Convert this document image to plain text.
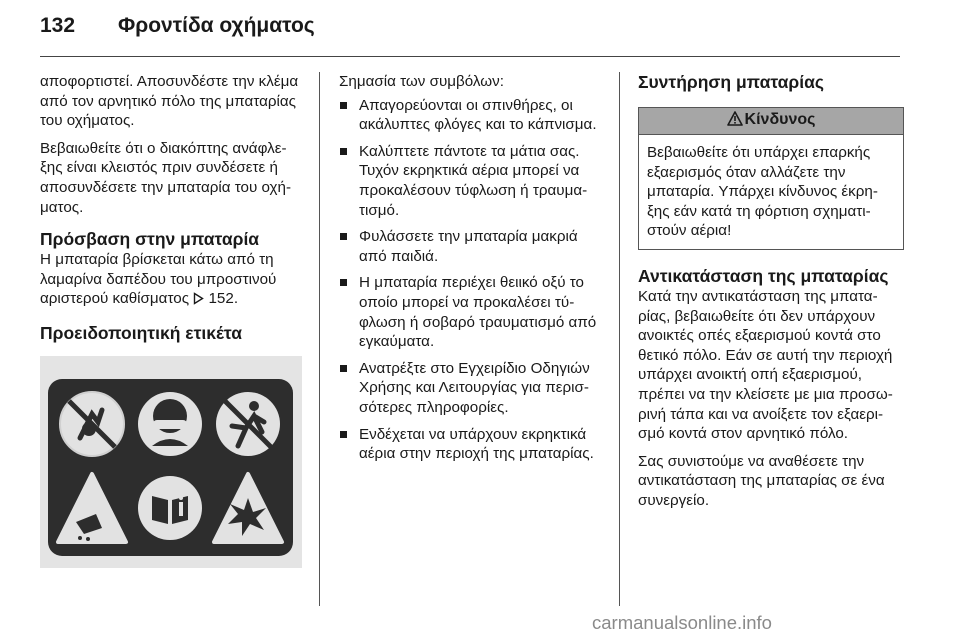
132 Φροντίδα οχήματος

αποφορτιστεί. Αποσυνδέστε την κλέμα από τον αρνητικό πόλο της μπαταρίας του οχήματος.

Βεβαιωθείτε ότι ο διακόπτης ανάφλε- ξης είναι κλειστός πριν συνδέσετε ή αποσυνδέσετε την μπαταρία του οχή- ματος.

Πρόσβαση στην μπαταρία

Η μπαταρία βρίσκεται κάτω από τη λαμαρίνα δαπέδου του μπροστινού αριστερού καθίσματος 152.

Προειδοποιητική ετικέτα

Σημασία των συμβόλων:

Απαγορεύονται οι σπινθήρες, οι ακάλυπτες φλόγες και το κάπνισμα.
Καλύπτετε πάντοτε τα μάτια σας. Τυχόν εκρηκτικά αέρια μπορεί να προκαλέσουν τύφλωση ή τραυμα- τισμό.
Φυλάσσετε την μπαταρία μακριά από παιδιά.
Η μπαταρία περιέχει θειικό οξύ το οποίο μπορεί να προκαλέσει τύ- φλωση ή σοβαρό τραυματισμό από εγκαύματα.
Ανατρέξτε στο Εγχειρίδιο Οδηγιών Χρήσης και Λειτουργίας για περισ- σότερες πληροφορίες.
Ενδέχεται να υπάρχουν εκρηκτικά αέρια στην περιοχή της μπαταρίας.
Συντήρηση μπαταρίας
Κίνδυνος
Βεβαιωθείτε ότι υπάρχει επαρκής εξαερισμός όταν αλλάζετε την μπαταρία. Υπάρχει κίνδυνος έκρη- ξης εάν κατά τη φόρτιση σχηματι- στούν αέρια!
Αντικατάσταση της μπαταρίας

Κατά την αντικατάσταση της μπατα- ρίας, βεβαιωθείτε ότι δεν υπάρχουν ανοικτές οπές εξαερισμού κοντά στο θετικό πόλο. Εάν σε αυτή την περιοχή υπάρχει ανοικτή οπή εξαερισμού, πρέπει να την κλείσετε με μια προσω- ρινή τάπα και να ανοίξετε τον εξαερι- σμό κοντά στον αρνητικό πόλο.

Σας συνιστούμε να αναθέσετε την αντικατάσταση της μπαταρίας σε ένα συνεργείο.

carmanualsonline.info
